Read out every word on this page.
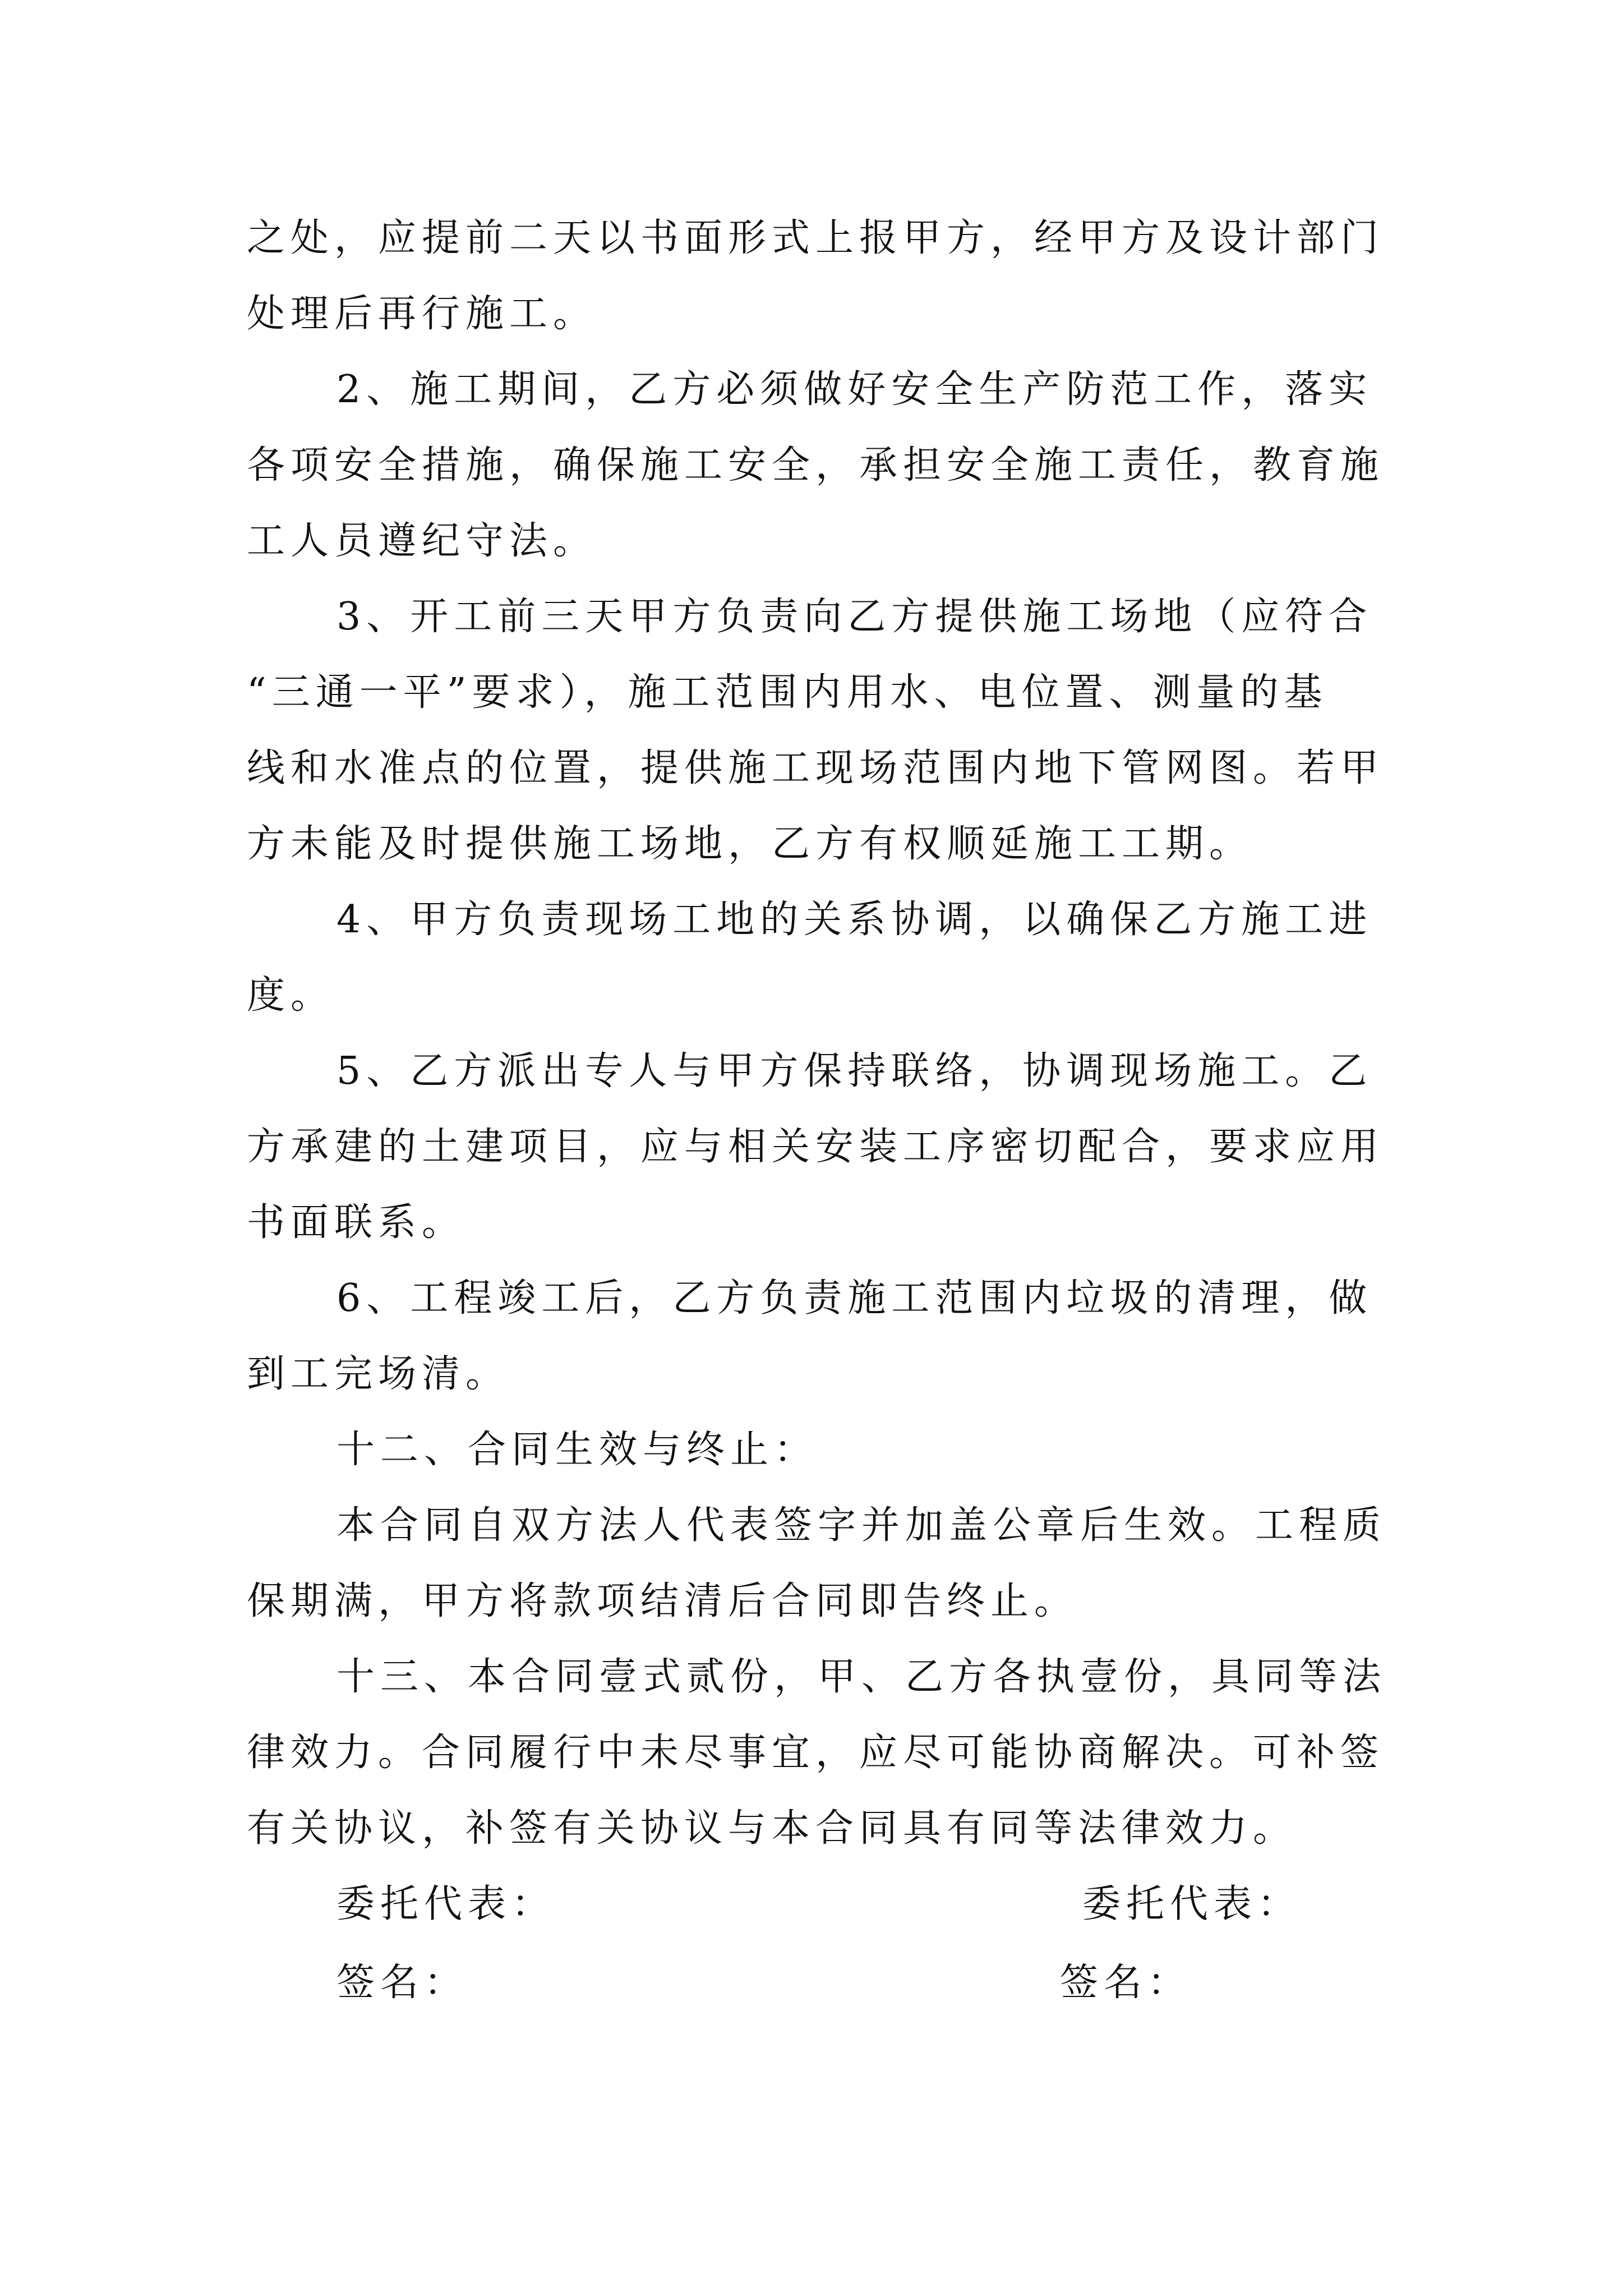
之处，应提前二天以书面形式上报甲方，经甲方及设计部门
处理后再行施工。
2、施工期间，乙方必须做好安全生产防范工作，落实
各项安全措施，确保施工安全，承担安全施工责任，教育施
工人员遵纪守法。
3、开工前三天甲方负责向乙方提供施工场地（应符合
“三通一平”要求），施工范围内用水、电位置、测量的基
线和水准点的位置，提供施工现场范围内地下管网图。若甲
方未能及时提供施工场地，乙方有权顺延施工工期。
4、甲方负责现场工地的关系协调，以确保乙方施工进
度。
5、乙方派出专人与甲方保持联络，协调现场施工。乙
方承建的土建项目，应与相关安装工序密切配合，要求应用
书面联系。
6、工程竣工后，乙方负责施工范围内垃圾的清理，做
到工完场清。
十二、合同生效与终止：
本合同自双方法人代表签字并加盖公章后生效。工程质
保期满，甲方将款项结清后合同即告终止。
十三、本合同壹式贰份，甲、乙方各执壹份，具同等法
律效力。合同履行中未尽事宜，应尽可能协商解决。可补签
有关协议，补签有关协议与本合同具有同等法律效力。
委托代表：	委托代表：
签名：	签名：
